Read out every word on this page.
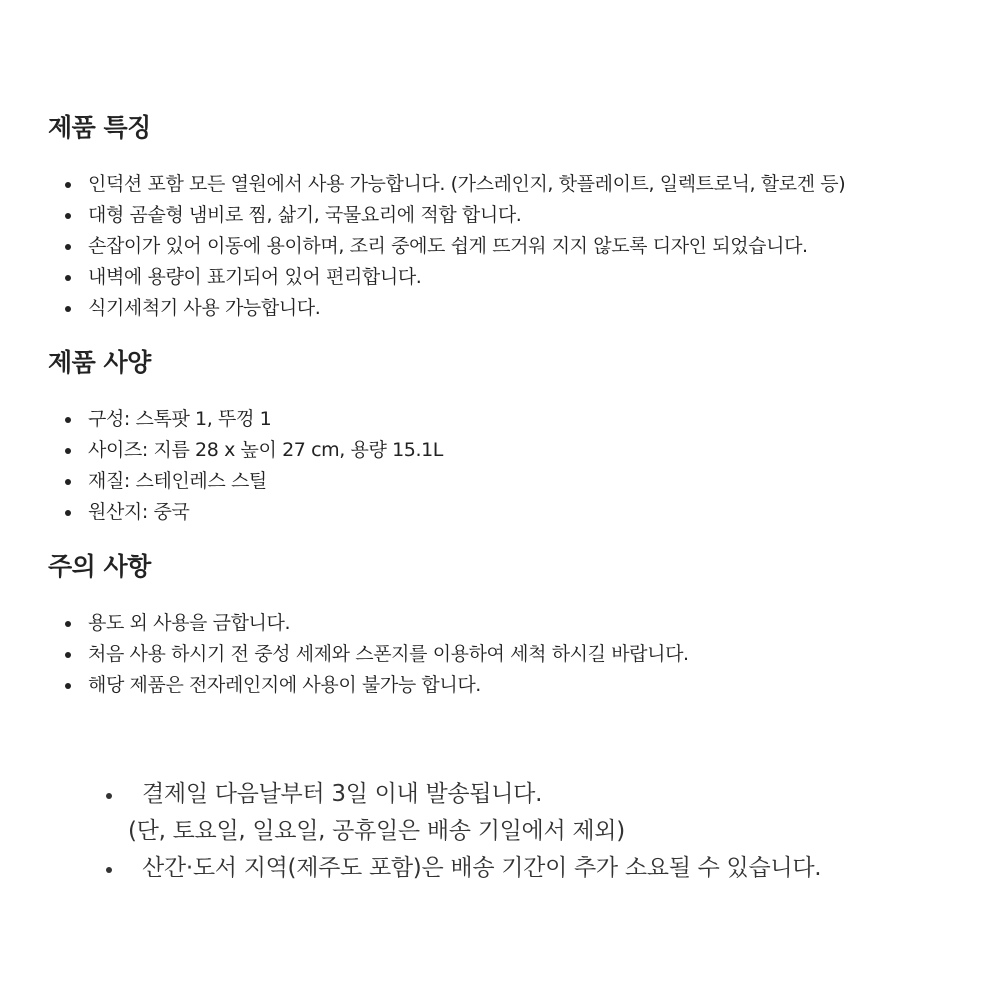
제품 특징
인덕션 포함 모든 열원에서 사용 가능합니다. (가스레인지, 핫플레이트, 일렉트로닉, 할로겐 등)
대형 곰솥형 냄비로 찜, 삶기, 국물요리에 적합 합니다.
손잡이가 있어 이동에 용이하며, 조리 중에도 쉽게 뜨거워 지지 않도록 디자인 되었습니다.
내벽에 용량이 표기되어 있어 편리합니다.
식기세척기 사용 가능합니다.
제품 사양
구성: 스톡팟 1, 뚜껑 1
사이즈: 지름 28 x 높이 27 cm, 용량 15.1L
재질: 스테인레스 스틸
원산지: 중국
주의 사항
용도 외 사용을 금합니다.
처음 사용 하시기 전 중성 세제와 스폰지를 이용하여 세척 하시길 바랍니다.
해당 제품은 전자레인지에 사용이 불가능 합니다.
결제일 다음날부터 3일 이내 발송됩니다.
(단, 토요일, 일요일, 공휴일은 배송 기일에서 제외)
산간·도서 지역(제주도 포함)은 배송 기간이 추가 소요될 수 있습니다.
